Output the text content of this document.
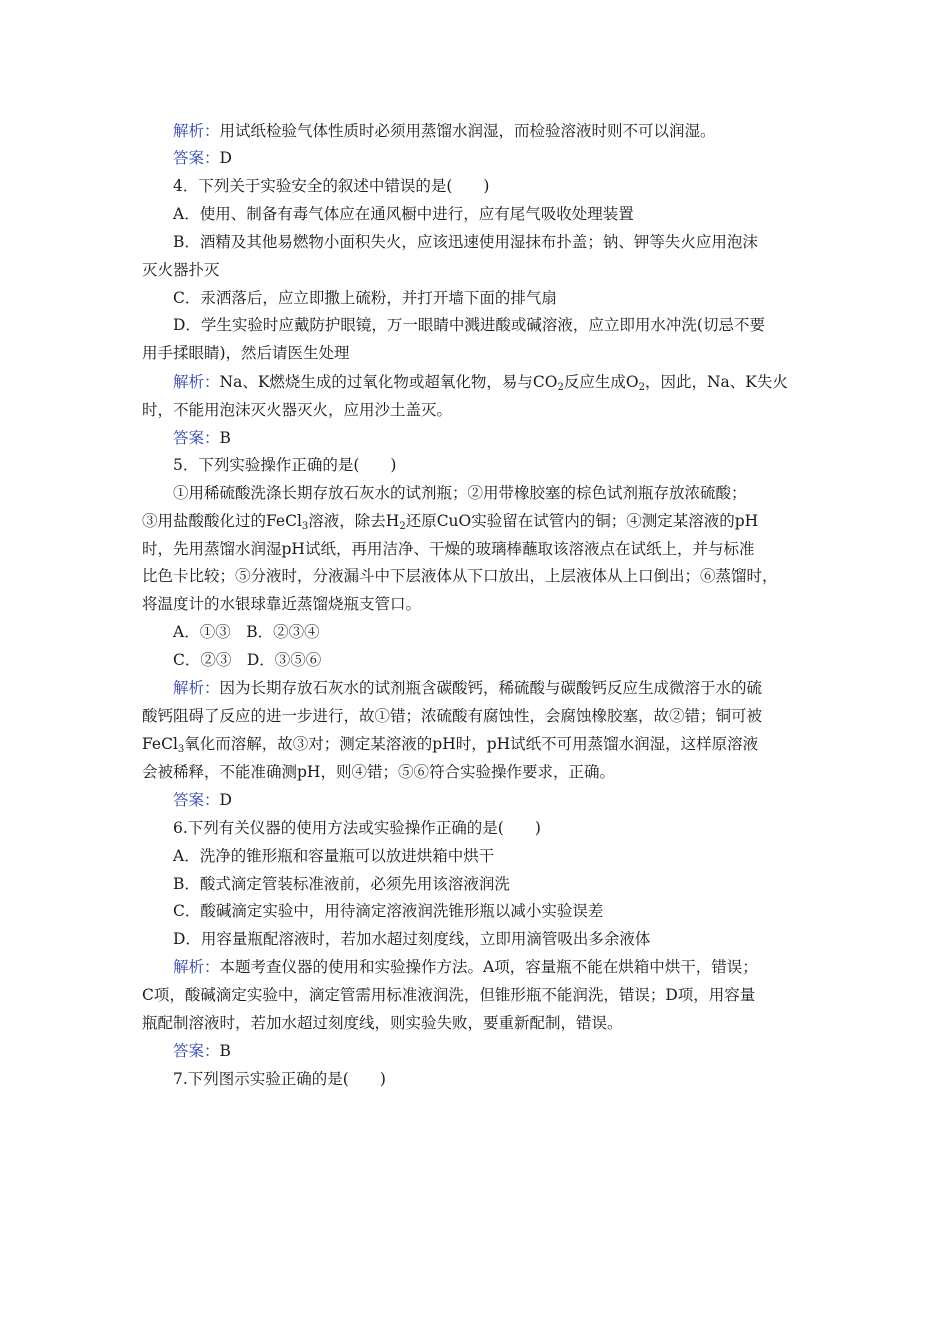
解析：用试纸检验气体性质时必须用蒸馏水润湿，而检验溶液时则不可以润湿。
答案：D
4．下列关于实验安全的叙述中错误的是(　　)
A．使用、制备有毒气体应在通风橱中进行，应有尾气吸收处理装置
B．酒精及其他易燃物小面积失火，应该迅速使用湿抹布扑盖；钠、钾等失火应用泡沫
灭火器扑灭
C．汞洒落后，应立即撒上硫粉，并打开墙下面的排气扇
D．学生实验时应戴防护眼镜，万一眼睛中溅进酸或碱溶液，应立即用水冲洗(切忌不要
用手揉眼睛)，然后请医生处理
解析：Na、K燃烧生成的过氧化物或超氧化物，易与$CO_2$反应生成$O_2$，因此，Na、K失火
时，不能用泡沫灭火器灭火，应用沙土盖灭。
答案：B
5．下列实验操作正确的是(　　)
①用稀硫酸洗涤长期存放石灰水的试剂瓶；②用带橡胶塞的棕色试剂瓶存放浓硫酸；
③用盐酸酸化过的FeCl$_3$溶液，除去$H_2$还原CuO实验留在试管内的铜；④测定某溶液的pH
时，先用蒸馏水润湿pH试纸，再用洁净、干燥的玻璃棒蘸取该溶液点在试纸上，并与标准
比色卡比较；⑤分液时，分液漏斗中下层液体从下口放出，上层液体从上口倒出；⑥蒸馏时，
将温度计的水银球靠近蒸馏烧瓶支管口。
A．①③　B．②③④
C．②③　D．③⑤⑥
解析：因为长期存放石灰水的试剂瓶含碳酸钙，稀硫酸与碳酸钙反应生成微溶于水的硫
酸钙阻碍了反应的进一步进行，故①错；浓硫酸有腐蚀性，会腐蚀橡胶塞，故②错；铜可被
FeCl$_3$氧化而溶解，故③对；测定某溶液的pH时，pH试纸不可用蒸馏水润湿，这样原溶液
会被稀释，不能准确测pH，则④错；⑤⑥符合实验操作要求，正确。
答案：D
6.下列有关仪器的使用方法或实验操作正确的是(　　)
A．洗净的锥形瓶和容量瓶可以放进烘箱中烘干
B．酸式滴定管装标准液前，必须先用该溶液润洗
C．酸碱滴定实验中，用待滴定溶液润洗锥形瓶以减小实验误差
D．用容量瓶配溶液时，若加水超过刻度线，立即用滴管吸出多余液体
解析：本题考查仪器的使用和实验操作方法。A项，容量瓶不能在烘箱中烘干，错误；
C项，酸碱滴定实验中，滴定管需用标准液润洗，但锥形瓶不能润洗，错误；D项，用容量
瓶配制溶液时，若加水超过刻度线，则实验失败，要重新配制，错误。
答案：B
7.下列图示实验正确的是(　　)
